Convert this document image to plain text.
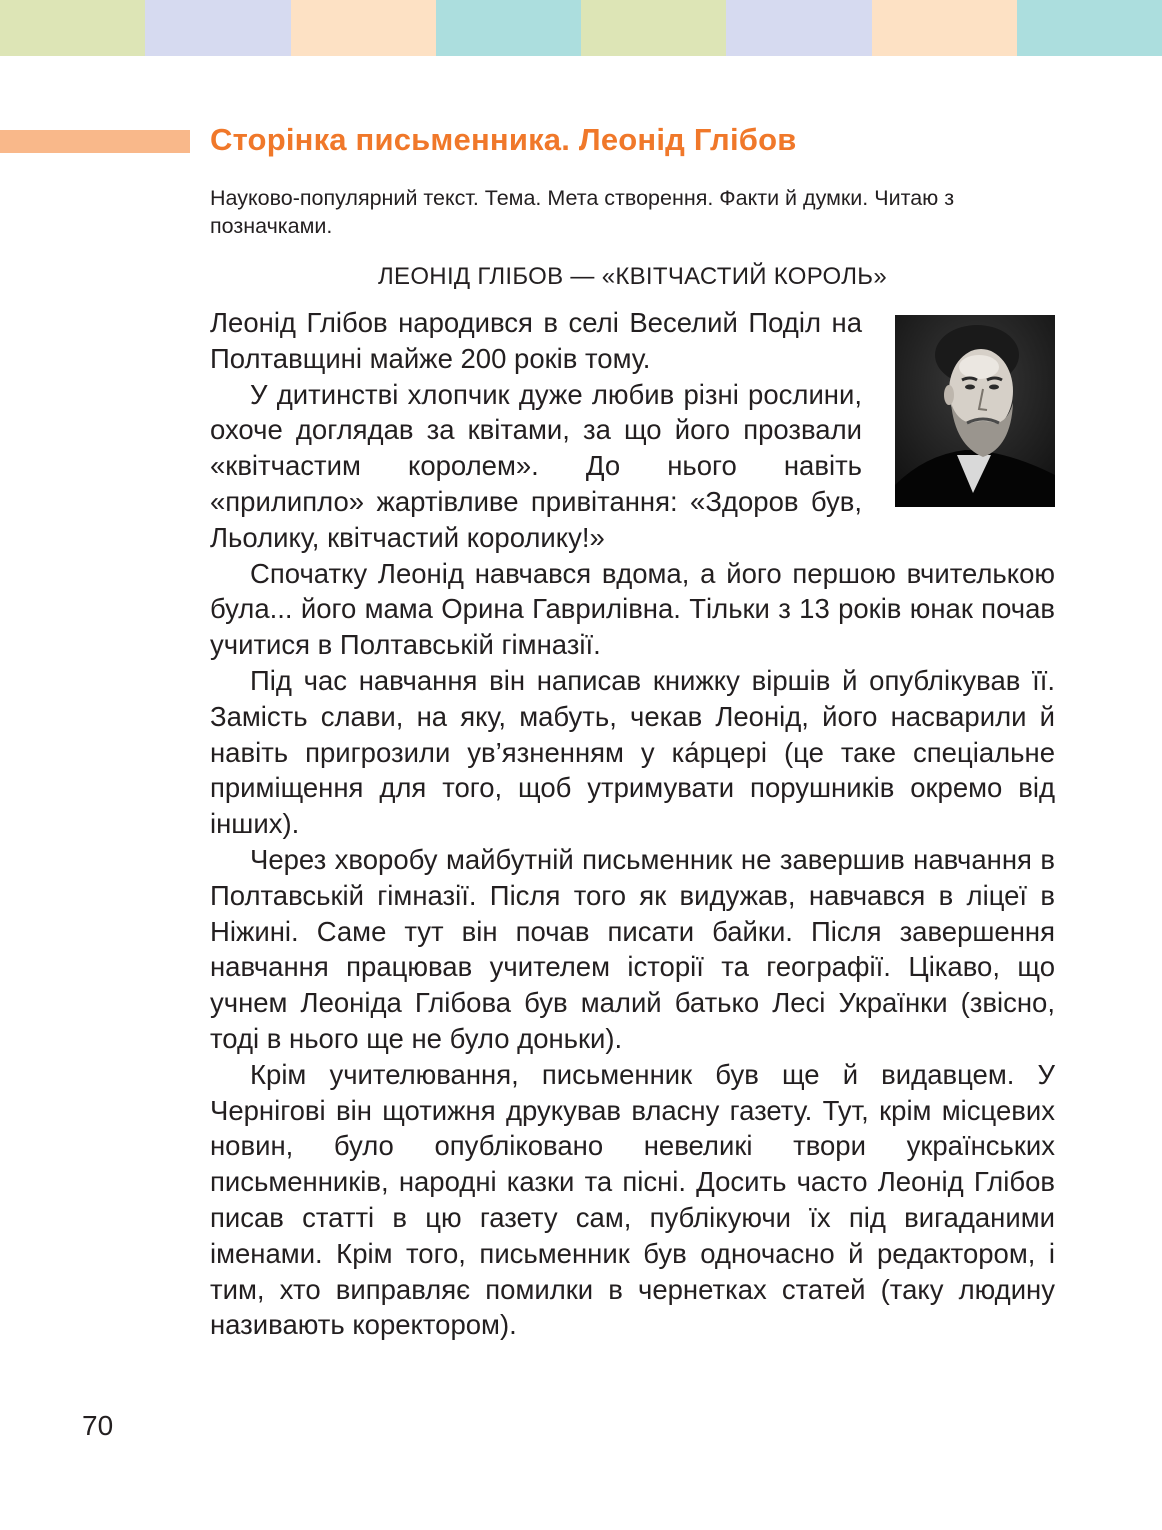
Сторінка письменника. Леонід Глібов

Науково-популярний текст. Тема. Мета створення. Факти й думки. Читаю з позначками.

ЛЕОНІД ГЛІБОВ — «КВІТЧАСТИЙ КОРОЛЬ»

Леонід Глібов народився в селі Веселий Поділ на Полтавщині майже 200 років тому.

У дитинстві хлопчик дуже любив різні рослини, охоче доглядав за квітами, за що його прозвали «квітчастим королем». До нього навіть «прилипло» жартівливе привітання: «Здоров був, Льолику, квітчастий королику!»

Спочатку Леонід навчався вдома, а його першою вчителькою була... його мама Орина Гаврилівна. Тільки з 13 років юнак почав учитися в Полтавській гімназії.

Під час навчання він написав книжку віршів й опублікував її. Замість слави, на яку, мабуть, чекав Леонід, його насварили й навіть пригрозили ув’язненням у ка́рцері (це таке спеціальне приміщення для того, щоб утримувати порушників окремо від інших).

Через хворобу майбутній письменник не завершив навчання в Полтавській гімназії. Після того як видужав, навчався в ліцеї в Ніжині. Саме тут він почав писати байки. Після завершення навчання працював учителем історії та географії. Цікаво, що учнем Леоніда Глібова був малий батько Лесі Українки (звісно, тоді в нього ще не було доньки).

Крім учителювання, письменник був ще й видавцем. У Чернігові він щотижня друкував власну газету. Тут, крім місцевих новин, було опубліковано невеликі твори українських письменників, народні казки та пісні. Досить часто Леонід Глібов писав статті в цю газету сам, публікуючи їх під вигаданими іменами. Крім того, письменник був одночасно й редактором, і тим, хто виправляє помилки в чернетках статей (таку людину називають коректором).

70
